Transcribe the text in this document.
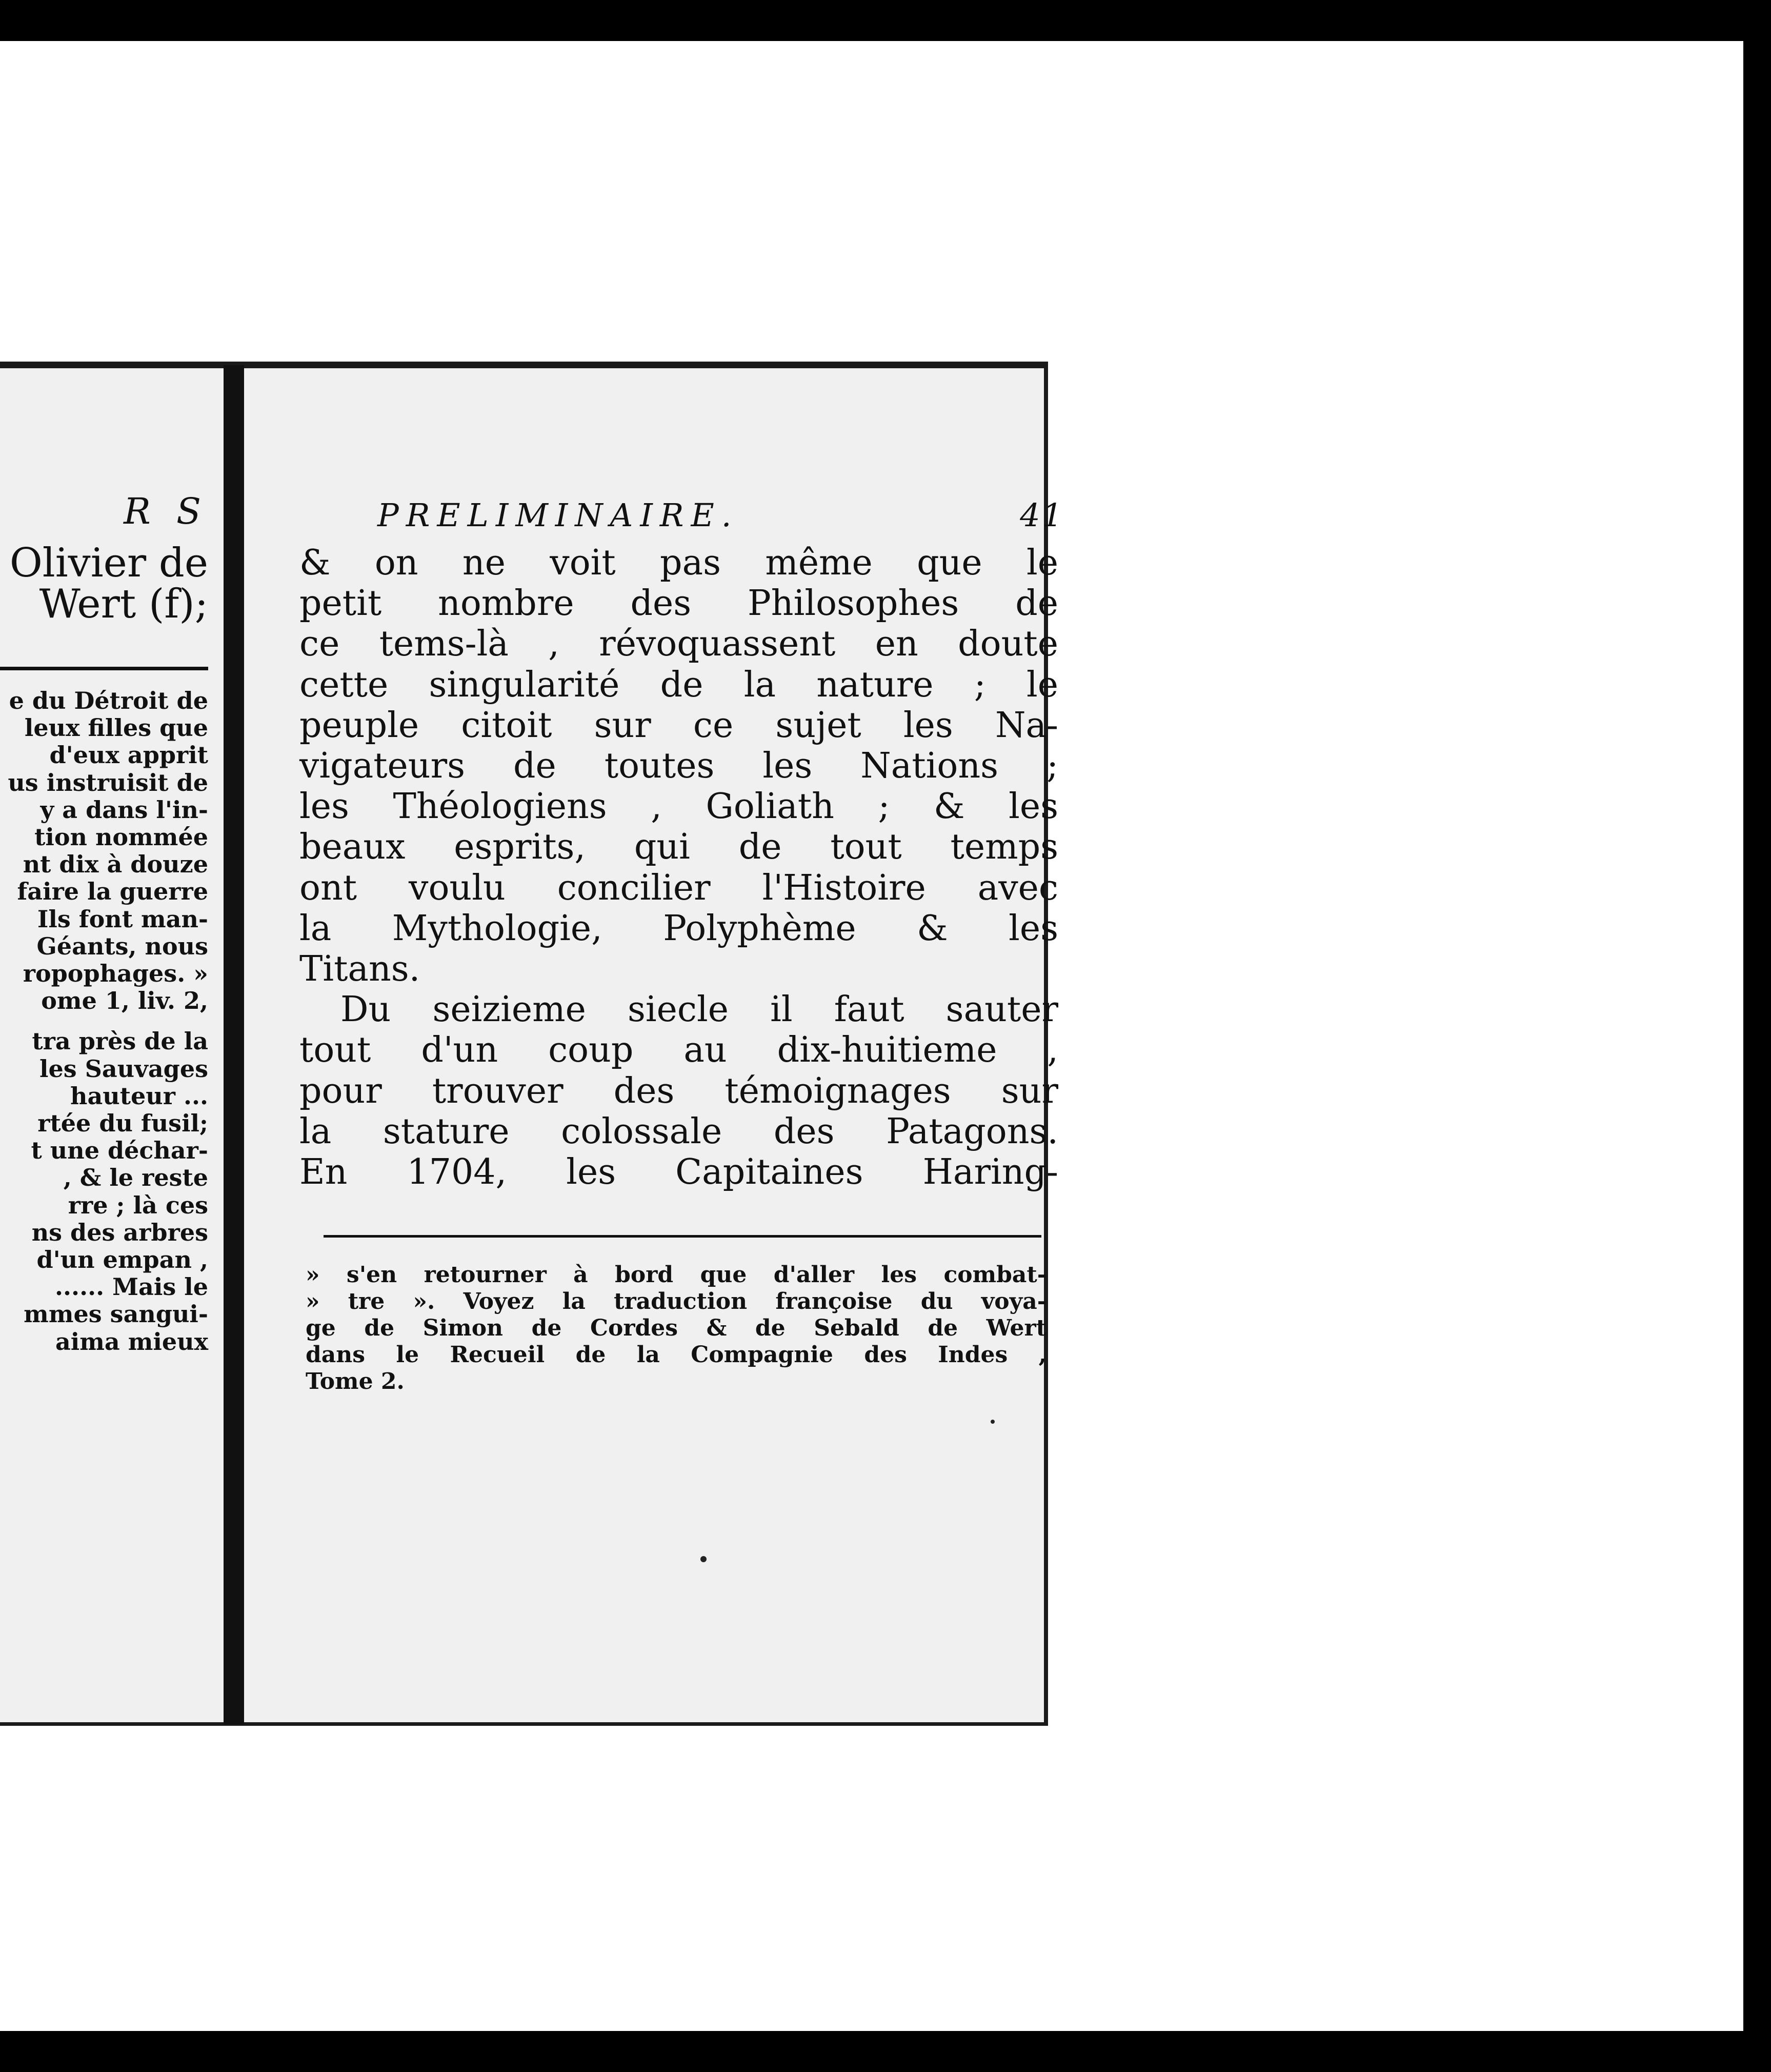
R S
Olivier de
Wert (f);
e du Détroit de
leux filles que
d'eux apprit
us instruisit de
y a dans l'in-
tion nommée
nt dix à douze
faire la guerre
Ils font man-
Géants, nous
ropophages. »
ome 1, liv. 2,
tra près de la
les Sauvages
hauteur ...
rtée du fusil;
t une déchar-
, & le reste
rre ; là ces
ns des arbres
d'un empan ,
...... Mais le
mmes sangui-
aima mieux
PRELIMINAIRE.	41
& on ne voit pas même que le
petit nombre des Philosophes de
ce tems-là , révoquassent en doute
cette singularité de la nature ; le
peuple citoit sur ce sujet les Na-
vigateurs de toutes les Nations ;
les Théologiens , Goliath ; & les
beaux esprits, qui de tout temps
ont voulu concilier l'Histoire avec
la Mythologie, Polyphème & les
Titans.
Du seizieme siecle il faut sauter
tout d'un coup au dix-huitieme ,
pour trouver des témoignages sur
la stature colossale des Patagons.
En 1704, les Capitaines Haring-
» s'en retourner à bord que d'aller les combat-
» tre ». Voyez la traduction françoise du voya-
ge de Simon de Cordes & de Sebald de Wert
dans le Recueil de la Compagnie des Indes ,
Tome 2.
